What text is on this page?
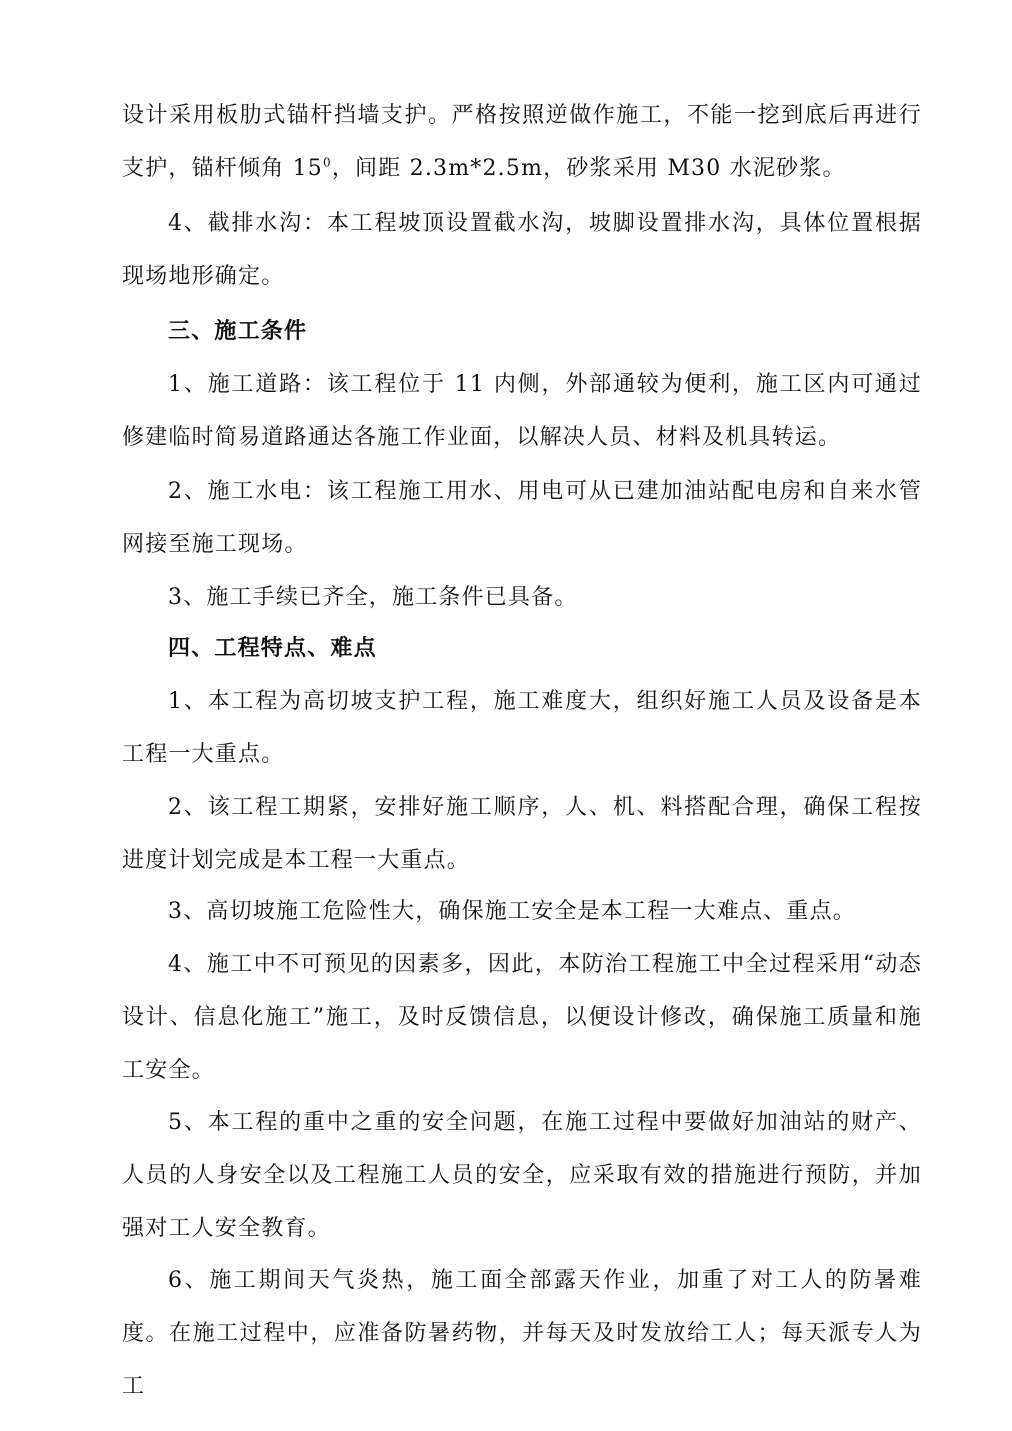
设计采用板肋式锚杆挡墙支护。严格按照逆做作施工，不能一挖到底后再进行支护，锚杆倾角 $15^0$，间距 2.3m*2.5m，砂浆采用 M30 水泥砂浆。

4、截排水沟：本工程坡顶设置截水沟，坡脚设置排水沟，具体位置根据现场地形确定。

三、施工条件

1、施工道路：该工程位于 11 内侧，外部通较为便利，施工区内可通过修建临时简易道路通达各施工作业面，以解决人员、材料及机具转运。

2、施工水电：该工程施工用水、用电可从已建加油站配电房和自来水管网接至施工现场。

3、施工手续已齐全，施工条件已具备。

四、工程特点、难点

1、本工程为高切坡支护工程，施工难度大，组织好施工人员及设备是本工程一大重点。

2、该工程工期紧，安排好施工顺序，人、机、料搭配合理，确保工程按进度计划完成是本工程一大重点。

3、高切坡施工危险性大，确保施工安全是本工程一大难点、重点。

4、施工中不可预见的因素多，因此，本防治工程施工中全过程采用“动态设计、信息化施工”施工，及时反馈信息，以便设计修改，确保施工质量和施工安全。

5、本工程的重中之重的安全问题，在施工过程中要做好加油站的财产、人员的人身安全以及工程施工人员的安全，应采取有效的措施进行预防，并加强对工人安全教育。

6、施工期间天气炎热，施工面全部露天作业，加重了对工人的防暑难度。在施工过程中，应准备防暑药物，并每天及时发放给工人；每天派专人为工
